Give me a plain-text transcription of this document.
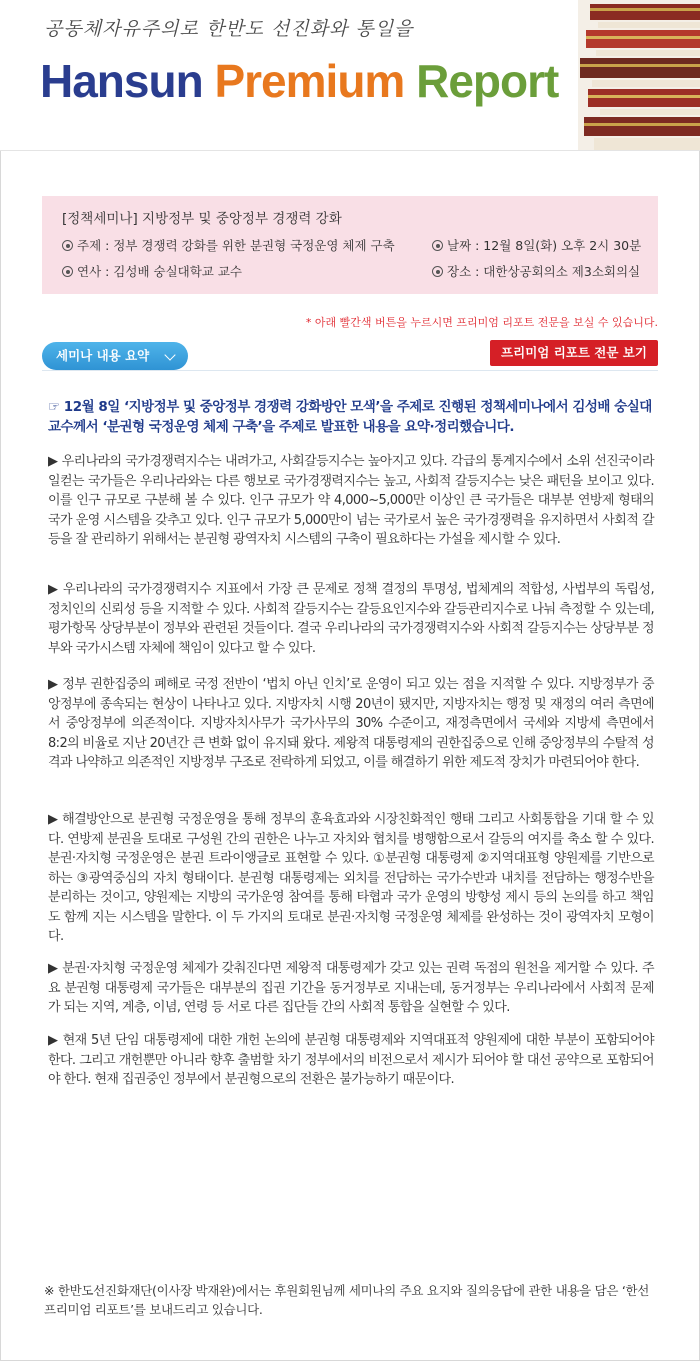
공동체자유주의로 한반도 선진화와 통일을
Hansun Premium Report
[정책세미나] 지방정부 및 중앙정부 경쟁력 강화
주제 : 정부 경쟁력 강화를 위한 분권형 국정운영 체제 구축
연사 : 김성배 숭실대학교 교수
날짜 : 12월 8일(화) 오후 2시 30분
장소 : 대한상공회의소 제3소회의실
* 아래 빨간색 버튼을 누르시면 프리미엄 리포트 전문을 보실 수 있습니다.
세미나 내용 요약	프리미엄 리포트 전문 보기
☞ 12월 8일 ‘지방정부 및 중앙정부 경쟁력 강화방안 모색’을 주제로 진행된 정책세미나에서 김성배 숭실대 교수께서 ‘분권형 국정운영 체제 구축’을 주제로 발표한 내용을 요약·정리했습니다.
▶ 우리나라의 국가경쟁력지수는 내려가고, 사회갈등지수는 높아지고 있다. 각급의 통계지수에서 소위 선진국이라 일컫는 국가들은 우리나라와는 다른 행보로 국가경쟁력지수는 높고, 사회적 갈등지수는 낮은 패턴을 보이고 있다. 이를 인구 규모로 구분해 볼 수 있다. 인구 규모가 약 4,000~5,000만 이상인 큰 국가들은 대부분 연방제 형태의 국가 운영 시스템을 갖추고 있다. 인구 규모가 5,000만이 넘는 국가로서 높은 국가경쟁력을 유지하면서 사회적 갈등을 잘 관리하기 위해서는 분권형 광역자치 시스템의 구축이 필요하다는 가설을 제시할 수 있다.
▶ 우리나라의 국가경쟁력지수 지표에서 가장 큰 문제로 정책 결정의 투명성, 법체계의 적합성, 사법부의 독립성, 정치인의 신뢰성 등을 지적할 수 있다. 사회적 갈등지수는 갈등요인지수와 갈등관리지수로 나눠 측정할 수 있는데, 평가항목 상당부분이 정부와 관련된 것들이다. 결국 우리나라의 국가경쟁력지수와 사회적 갈등지수는 상당부분 정부와 국가시스템 자체에 책임이 있다고 할 수 있다.
▶ 정부 권한집중의 폐해로 국정 전반이 ‘법치 아닌 인치’로 운영이 되고 있는 점을 지적할 수 있다. 지방정부가 중앙정부에 종속되는 현상이 나타나고 있다. 지방자치 시행 20년이 됐지만, 지방자치는 행정 및 재정의 여러 측면에서 중앙정부에 의존적이다. 지방자치사무가 국가사무의 30% 수준이고, 재정측면에서 국세와 지방세 측면에서 8:2의 비율로 지난 20년간 큰 변화 없이 유지돼 왔다. 제왕적 대통령제의 권한집중으로 인해 중앙정부의 수탈적 성격과 나약하고 의존적인 지방정부 구조로 전락하게 되었고, 이를 해결하기 위한 제도적 장치가 마련되어야 한다.
▶ 해결방안으로 분권형 국정운영을 통해 정부의 훈육효과와 시장친화적인 행태 그리고 사회통합을 기대 할 수 있다. 연방제 분권을 토대로 구성원 간의 권한은 나누고 자치와 협치를 병행함으로서 갈등의 여지를 축소 할 수 있다. 분권·자치형 국정운영은 분권 트라이앵글로 표현할 수 있다. ①분권형 대통령제 ②지역대표형 양원제를 기반으로 하는 ③광역중심의 자치 형태이다. 분권형 대통령제는 외치를 전담하는 국가수반과 내치를 전담하는 행정수반을 분리하는 것이고, 양원제는 지방의 국가운영 참여를 통해 타협과 국가 운영의 방향성 제시 등의 논의를 하고 책임도 함께 지는 시스템을 말한다. 이 두 가지의 토대로 분권·자치형 국정운영 체제를 완성하는 것이 광역자치 모형이다.
▶ 분권·자치형 국정운영 체제가 갖춰진다면 제왕적 대통령제가 갖고 있는 권력 독점의 원천을 제거할 수 있다. 주요 분권형 대통령제 국가들은 대부분의 집권 기간을 동거정부로 지내는데, 동거정부는 우리나라에서 사회적 문제가 되는 지역, 계층, 이념, 연령 등 서로 다른 집단들 간의 사회적 통합을 실현할 수 있다.
▶ 현재 5년 단임 대통령제에 대한 개헌 논의에 분권형 대통령제와 지역대표적 양원제에 대한 부분이 포함되어야 한다. 그리고 개헌뿐만 아니라 향후 출범할 차기 정부에서의 비전으로서 제시가 되어야 할 대선 공약으로 포함되어야 한다. 현재 집권중인 정부에서 분권형으로의 전환은 불가능하기 때문이다.
※ 한반도선진화재단(이사장 박재완)에서는 후원회원님께 세미나의 주요 요지와 질의응답에 관한 내용을 담은 ‘한선 프리미엄 리포트’를 보내드리고 있습니다.
